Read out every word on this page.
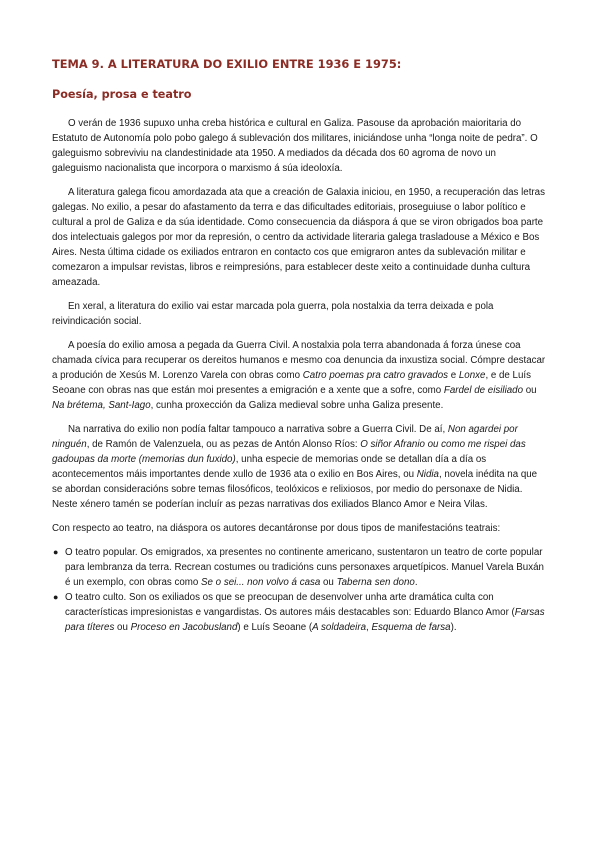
TEMA 9. A LITERATURA DO EXILIO ENTRE 1936 E 1975:
Poesía, prosa e teatro

O verán de 1936 supuxo unha creba histórica e cultural en Galiza. Pasouse da aprobación maioritaria do Estatuto de Autonomía polo pobo galego á sublevación dos militares, iniciándose unha “longa noite de pedra”. O galeguismo sobreviviu na clandestinidade ata 1950. A mediados da década dos 60 agroma de novo un galeguismo nacionalista que incorpora o marxismo á súa ideoloxía.

A literatura galega ficou amordazada ata que a creación de Galaxia iniciou, en 1950, a recuperación das letras galegas. No exilio, a pesar do afastamento da terra e das dificultades editoriais, proseguiuse o labor político e cultural a prol de Galiza e da súa identidade. Como consecuencia da diáspora á que se viron obrigados boa parte dos intelectuais galegos por mor da represión, o centro da actividade literaria galega trasladouse a México e Bos Aires. Nesta última cidade os exiliados entraron en contacto cos que emigraron antes da sublevación militar e comezaron a impulsar revistas, libros e reimpresións, para establecer deste xeito a continuidade dunha cultura ameazada.

En xeral, a literatura do exilio vai estar marcada pola guerra, pola nostalxia da terra deixada e pola reivindicación social.

A poesía do exilio amosa a pegada da Guerra Civil. A nostalxia pola terra abandonada á forza únese coa chamada cívica para recuperar os dereitos humanos e mesmo coa denuncia da inxustiza social. Cómpre destacar a produción de Xesús M. Lorenzo Varela con obras como Catro poemas pra catro gravados e Lonxe, e de Luís Seoane con obras nas que están moi presentes a emigración e a xente que a sofre, como Fardel de eisiliado ou Na brétema, Sant-Iago, cunha proxección da Galiza medieval sobre unha Galiza presente.

Na narrativa do exilio non podía faltar tampouco a narrativa sobre a Guerra Civil. De aí, Non agardei por ninguén, de Ramón de Valenzuela, ou as pezas de Antón Alonso Ríos: O siñor Afranio ou como me rispei das gadoupas da morte (memorias dun fuxido), unha especie de memorias onde se detallan día a día os acontecementos máis importantes dende xullo de 1936 ata o exilio en Bos Aires, ou Nidia, novela inédita na que se abordan consideracións sobre temas filosóficos, teolóxicos e relixiosos, por medio do personaxe de Nidia. Neste xénero tamén se poderían incluír as pezas narrativas dos exiliados Blanco Amor e Neira Vilas.

Con respecto ao teatro, na diáspora os autores decantáronse por dous tipos de manifestacións teatrais:

● O teatro popular. Os emigrados, xa presentes no continente americano, sustentaron un teatro de corte popular para lembranza da terra. Recrean costumes ou tradicións cuns personaxes arquetípicos. Manuel Varela Buxán é un exemplo, con obras como Se o sei... non volvo á casa ou Taberna sen dono.
● O teatro culto. Son os exiliados os que se preocupan de desenvolver unha arte dramática culta con características impresionistas e vangardistas. Os autores máis destacables son: Eduardo Blanco Amor (Farsas para títeres ou Proceso en Jacobusland) e Luís Seoane (A soldadeira, Esquema de farsa).
